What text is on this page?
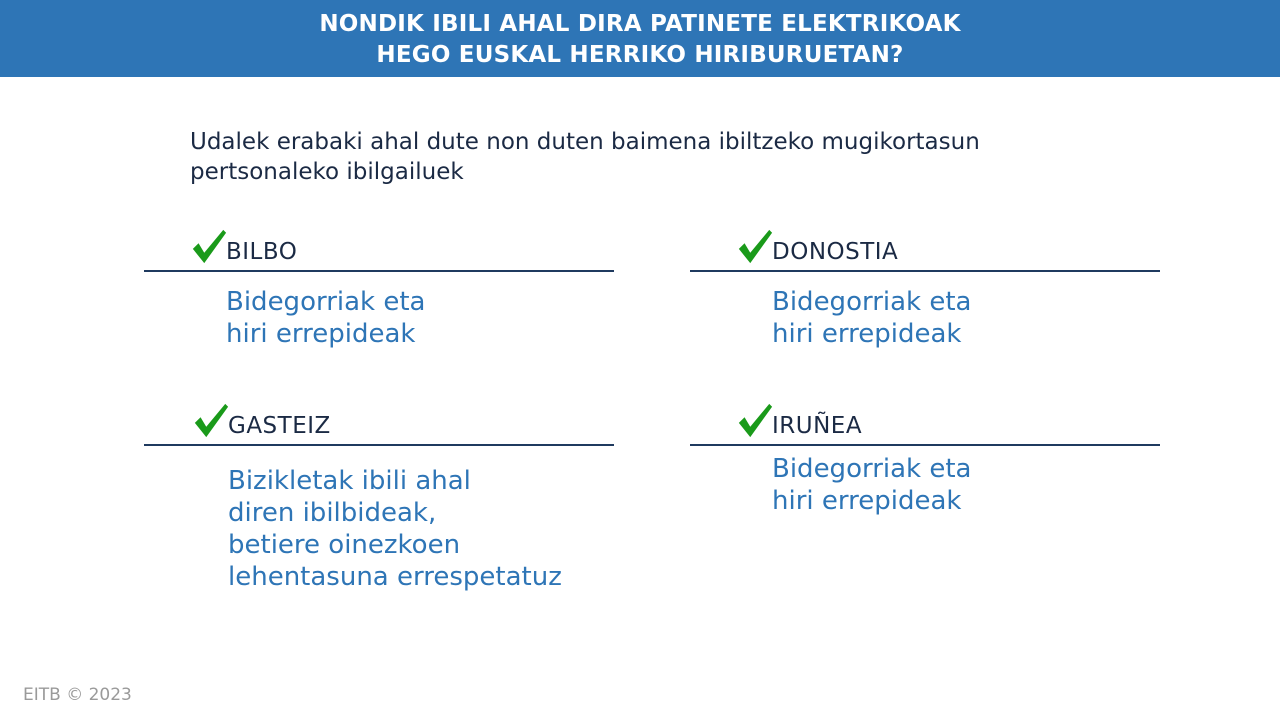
NONDIK IBILI AHAL DIRA PATINETE ELEKTRIKOAK
HEGO EUSKAL HERRIKO HIRIBURUETAN?
Udalek erabaki ahal dute non duten baimena ibiltzeko mugikortasun
pertsonaleko ibilgailuek
BILBO
Bidegorriak eta
hiri errepideak
DONOSTIA
Bidegorriak eta
hiri errepideak
GASTEIZ
Bizikletak ibili ahal
diren ibilbideak,
betiere oinezkoen
lehentasuna errespetatuz
IRUÑEA
Bidegorriak eta
hiri errepideak
EITB © 2023
